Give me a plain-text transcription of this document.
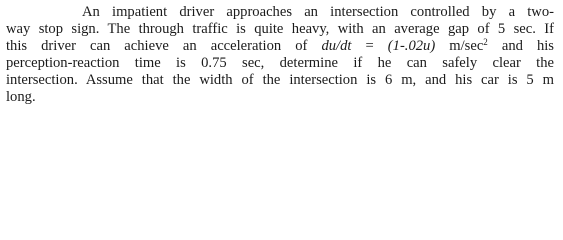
An impatient driver approaches an intersection controlled by a two-
way stop sign. The through traffic is quite heavy, with an average gap of 5 sec. If
this driver can achieve an acceleration of du/dt = (1-.02u) $m/\sec^2$ and his
perception-reaction time is 0.75 sec, determine if he can safely clear the
intersection. Assume that the width of the intersection is 6 m, and his car is 5 m
long.
